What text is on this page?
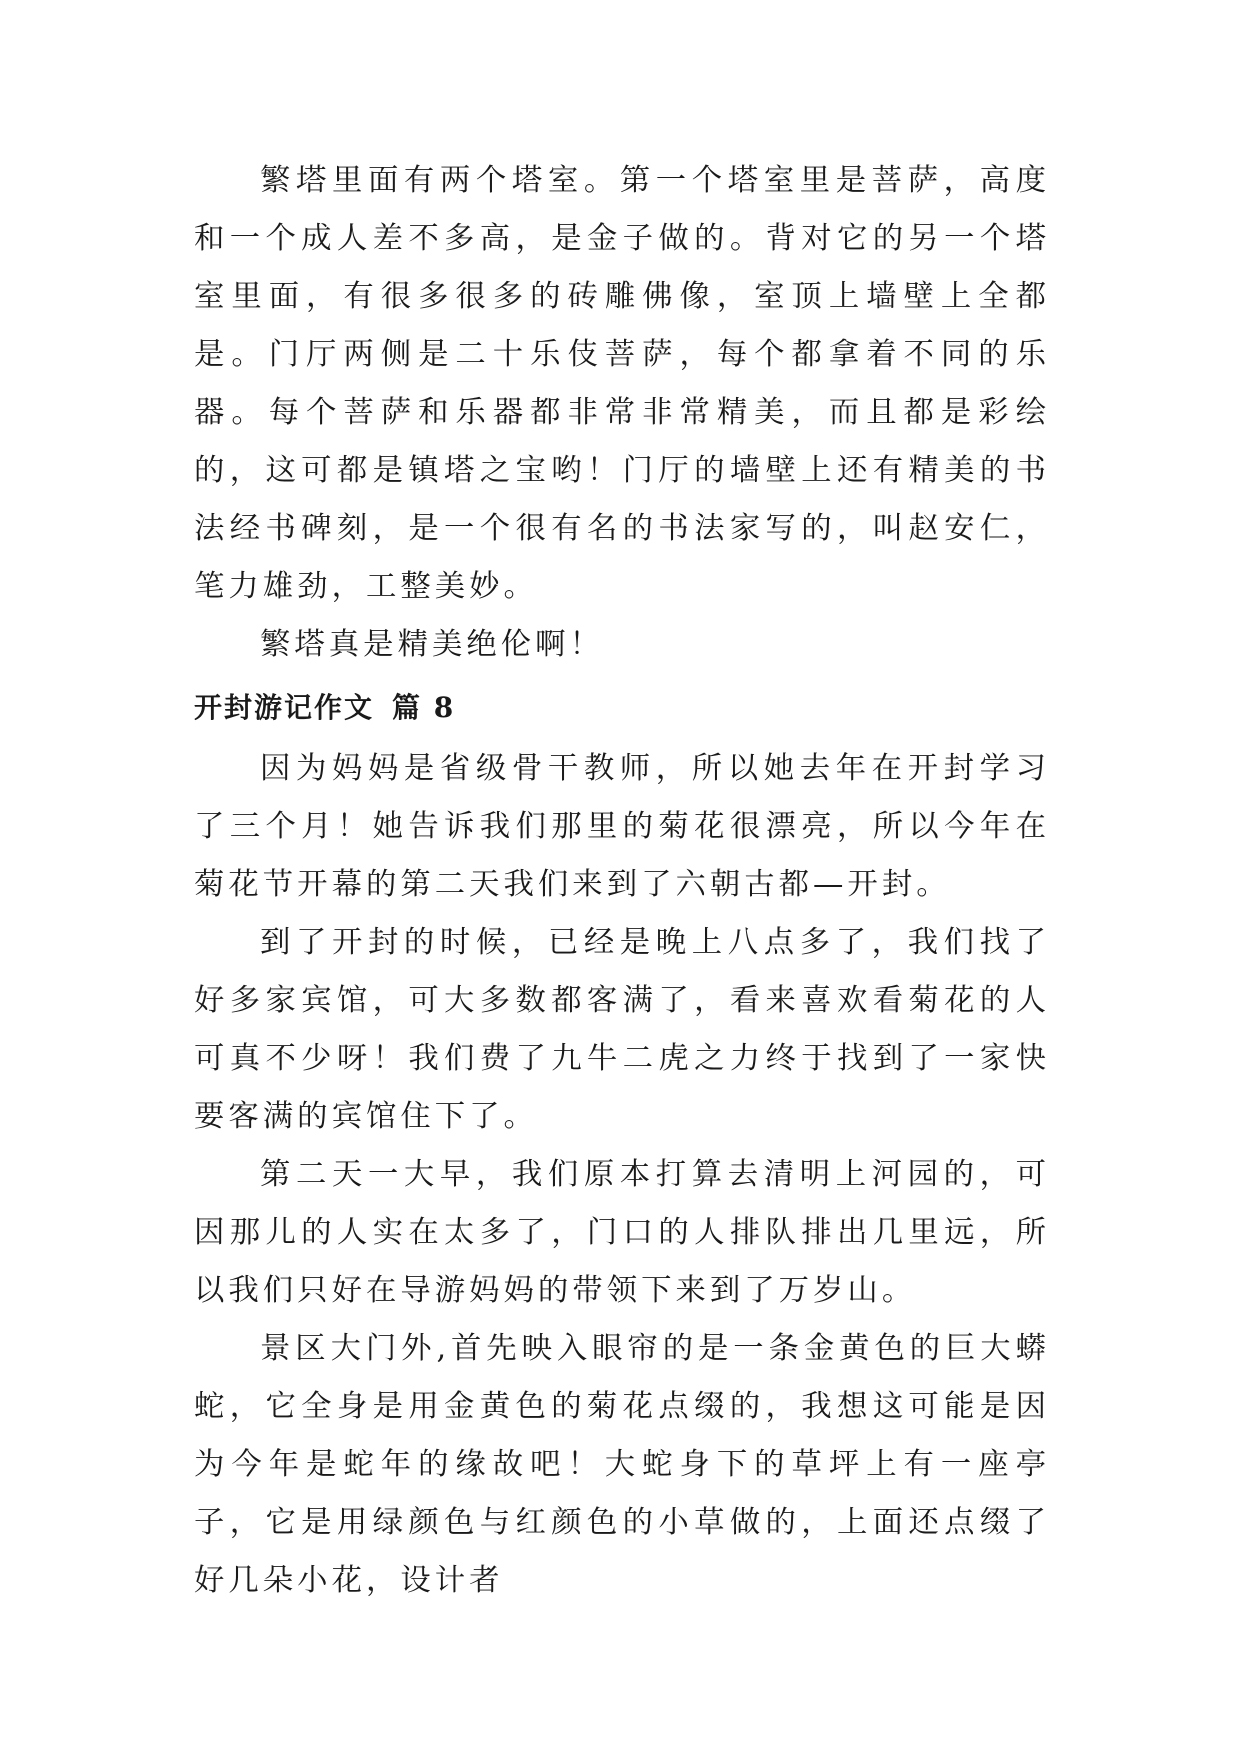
繁塔里面有两个塔室。第一个塔室里是菩萨，高度和一个成人差不多高，是金子做的。背对它的另一个塔室里面，有很多很多的砖雕佛像，室顶上墙壁上全都是。门厅两侧是二十乐伎菩萨，每个都拿着不同的乐器。每个菩萨和乐器都非常非常精美，而且都是彩绘的，这可都是镇塔之宝哟！门厅的墙壁上还有精美的书法经书碑刻，是一个很有名的书法家写的，叫赵安仁，笔力雄劲，工整美妙。

繁塔真是精美绝伦啊！

开封游记作文 篇 8

因为妈妈是省级骨干教师，所以她去年在开封学习了三个月！她告诉我们那里的菊花很漂亮，所以今年在菊花节开幕的第二天我们来到了六朝古都—开封。

到了开封的时候，已经是晚上八点多了，我们找了好多家宾馆，可大多数都客满了，看来喜欢看菊花的人可真不少呀！我们费了九牛二虎之力终于找到了一家快要客满的宾馆住下了。

第二天一大早，我们原本打算去清明上河园的，可因那儿的人实在太多了，门口的人排队排出几里远，所以我们只好在导游妈妈的带领下来到了万岁山。

景区大门外,首先映入眼帘的是一条金黄色的巨大蟒蛇，它全身是用金黄色的菊花点缀的，我想这可能是因为今年是蛇年的缘故吧！大蛇身下的草坪上有一座亭子，它是用绿颜色与红颜色的小草做的，上面还点缀了好几朵小花，设计者
